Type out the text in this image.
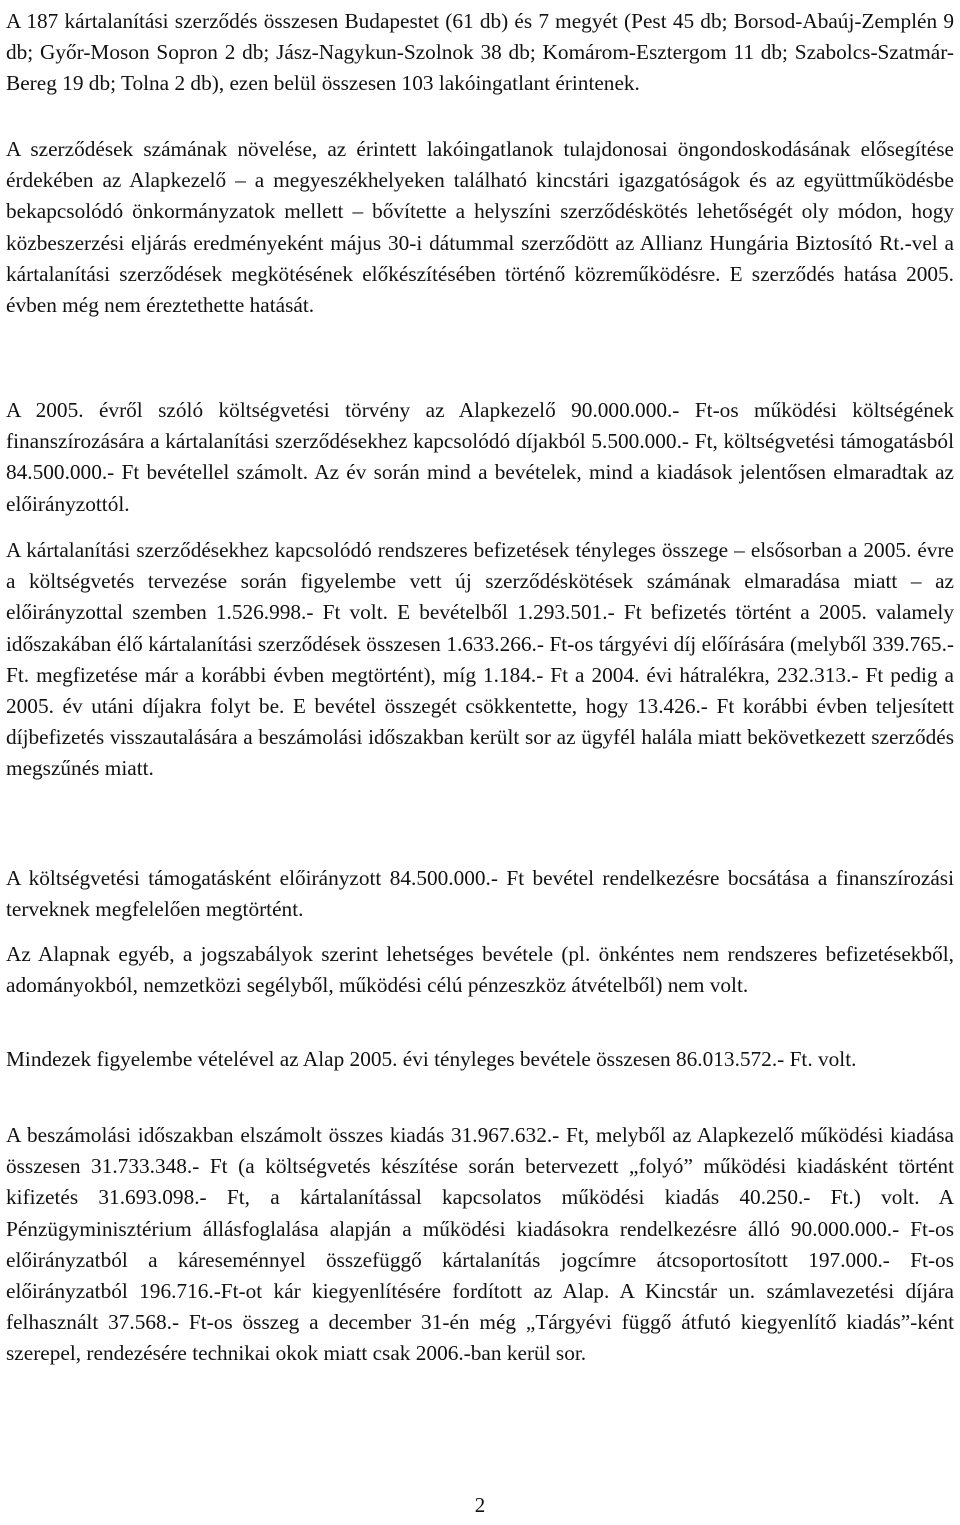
A 187 kártalanítási szerződés összesen Budapestet (61 db) és 7 megyét (Pest 45 db; Borsod-Abaúj-Zemplén 9 db; Győr-Moson Sopron 2 db; Jász-Nagykun-Szolnok 38 db; Komárom-Esztergom 11 db; Szabolcs-Szatmár-Bereg 19 db; Tolna 2 db), ezen belül összesen 103 lakóingatlant érintenek.

A szerződések számának növelése, az érintett lakóingatlanok tulajdonosai öngondoskodásának elősegítése érdekében az Alapkezelő – a megyeszékhelyeken található kincstári igazgatóságok és az együttműködésbe bekapcsolódó önkormányzatok mellett – bővítette a helyszíni szerződéskötés lehetőségét oly módon, hogy közbeszerzési eljárás eredményeként május 30-i dátummal szerződött az Allianz Hungária Biztosító Rt.-vel a kártalanítási szerződések megkötésének előkészítésében történő közreműködésre. E szerződés hatása 2005. évben még nem éreztethette hatását.

A 2005. évről szóló költségvetési törvény az Alapkezelő 90.000.000.- Ft-os működési költségének finanszírozására a kártalanítási szerződésekhez kapcsolódó díjakból 5.500.000.- Ft, költségvetési támogatásból 84.500.000.- Ft bevétellel számolt. Az év során mind a bevételek, mind a kiadások jelentősen elmaradtak az előirányzottól.

A kártalanítási szerződésekhez kapcsolódó rendszeres befizetések tényleges összege – elsősorban a 2005. évre a költségvetés tervezése során figyelembe vett új szerződéskötések számának elmaradása miatt – az előirányzottal szemben 1.526.998.- Ft volt. E bevételből 1.293.501.- Ft befizetés történt a 2005. valamely időszakában élő kártalanítási szerződések összesen 1.633.266.- Ft-os tárgyévi díj előírására (melyből 339.765.- Ft. megfizetése már a korábbi évben megtörtént), míg 1.184.- Ft a 2004. évi hátralékra, 232.313.- Ft pedig a 2005. év utáni díjakra folyt be. E bevétel összegét csökkentette, hogy 13.426.- Ft korábbi évben teljesített díjbefizetés visszautalására a beszámolási időszakban került sor az ügyfél halála miatt bekövetkezett szerződés megszűnés miatt.

A költségvetési támogatásként előirányzott 84.500.000.- Ft bevétel rendelkezésre bocsátása a finanszírozási terveknek megfelelően megtörtént.

Az Alapnak egyéb, a jogszabályok szerint lehetséges bevétele (pl. önkéntes nem rendszeres befizetésekből, adományokból, nemzetközi segélyből, működési célú pénzeszköz átvételből) nem volt.

Mindezek figyelembe vételével az Alap 2005. évi tényleges bevétele összesen 86.013.572.- Ft. volt.

A beszámolási időszakban elszámolt összes kiadás 31.967.632.- Ft, melyből az Alapkezelő működési kiadása összesen 31.733.348.- Ft (a költségvetés készítése során betervezett „folyó” működési kiadásként történt kifizetés 31.693.098.- Ft, a kártalanítással kapcsolatos működési kiadás 40.250.- Ft.) volt. A Pénzügyminisztérium állásfoglalása alapján a működési kiadásokra rendelkezésre álló 90.000.000.- Ft-os előirányzatból a káreseménnyel összefüggő kártalanítás jogcímre átcsoportosított 197.000.- Ft-os előirányzatból 196.716.-Ft-ot kár kiegyenlítésére fordított az Alap. A Kincstár un. számlavezetési díjára felhasznált 37.568.- Ft-os összeg a december 31-én még „Tárgyévi függő átfutó kiegyenlítő kiadás”-ként szerepel, rendezésére technikai okok miatt csak 2006.-ban kerül sor.

2
